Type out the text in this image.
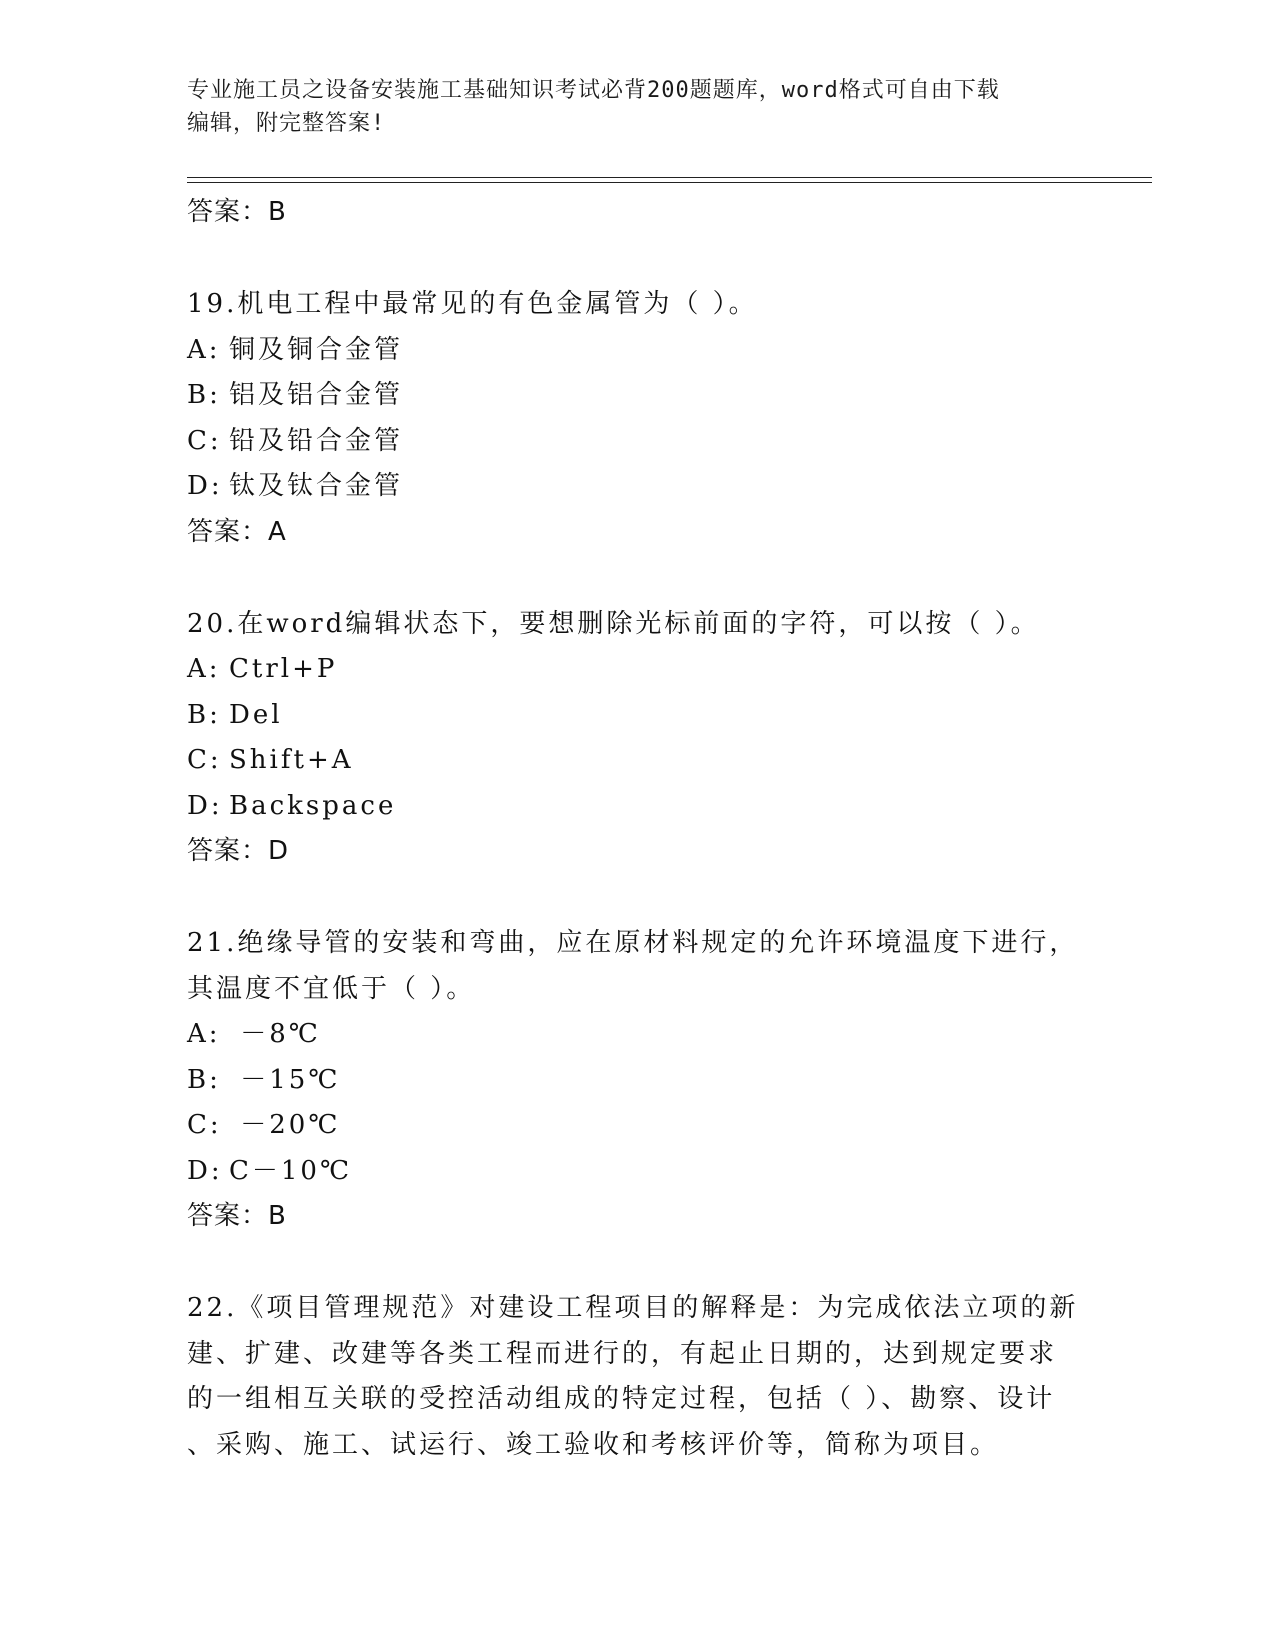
专业施工员之设备安装施工基础知识考试必背200题题库，word格式可自由下载
编辑，附完整答案!
答案：B
19.机电工程中最常见的有色金属管为（ ）。
A: 铜及铜合金管
B: 铝及铝合金管
C: 铅及铅合金管
D: 钛及钛合金管
答案：A
20.在word编辑状态下，要想删除光标前面的字符，可以按（ ）。
A: Ctrl+P
B: Del
C: Shift+A
D: Backspace
答案：D
21.绝缘导管的安装和弯曲，应在原材料规定的允许环境温度下进行，
其温度不宜低于（ ）。
A: －8℃
B: －15℃
C: －20℃
D: C－10℃
答案：B
22.《项目管理规范》对建设工程项目的解释是：为完成依法立项的新
建、扩建、改建等各类工程而进行的，有起止日期的，达到规定要求
的一组相互关联的受控活动组成的特定过程，包括（ ）、勘察、设计
、采购、施工、试运行、竣工验收和考核评价等，简称为项目。
